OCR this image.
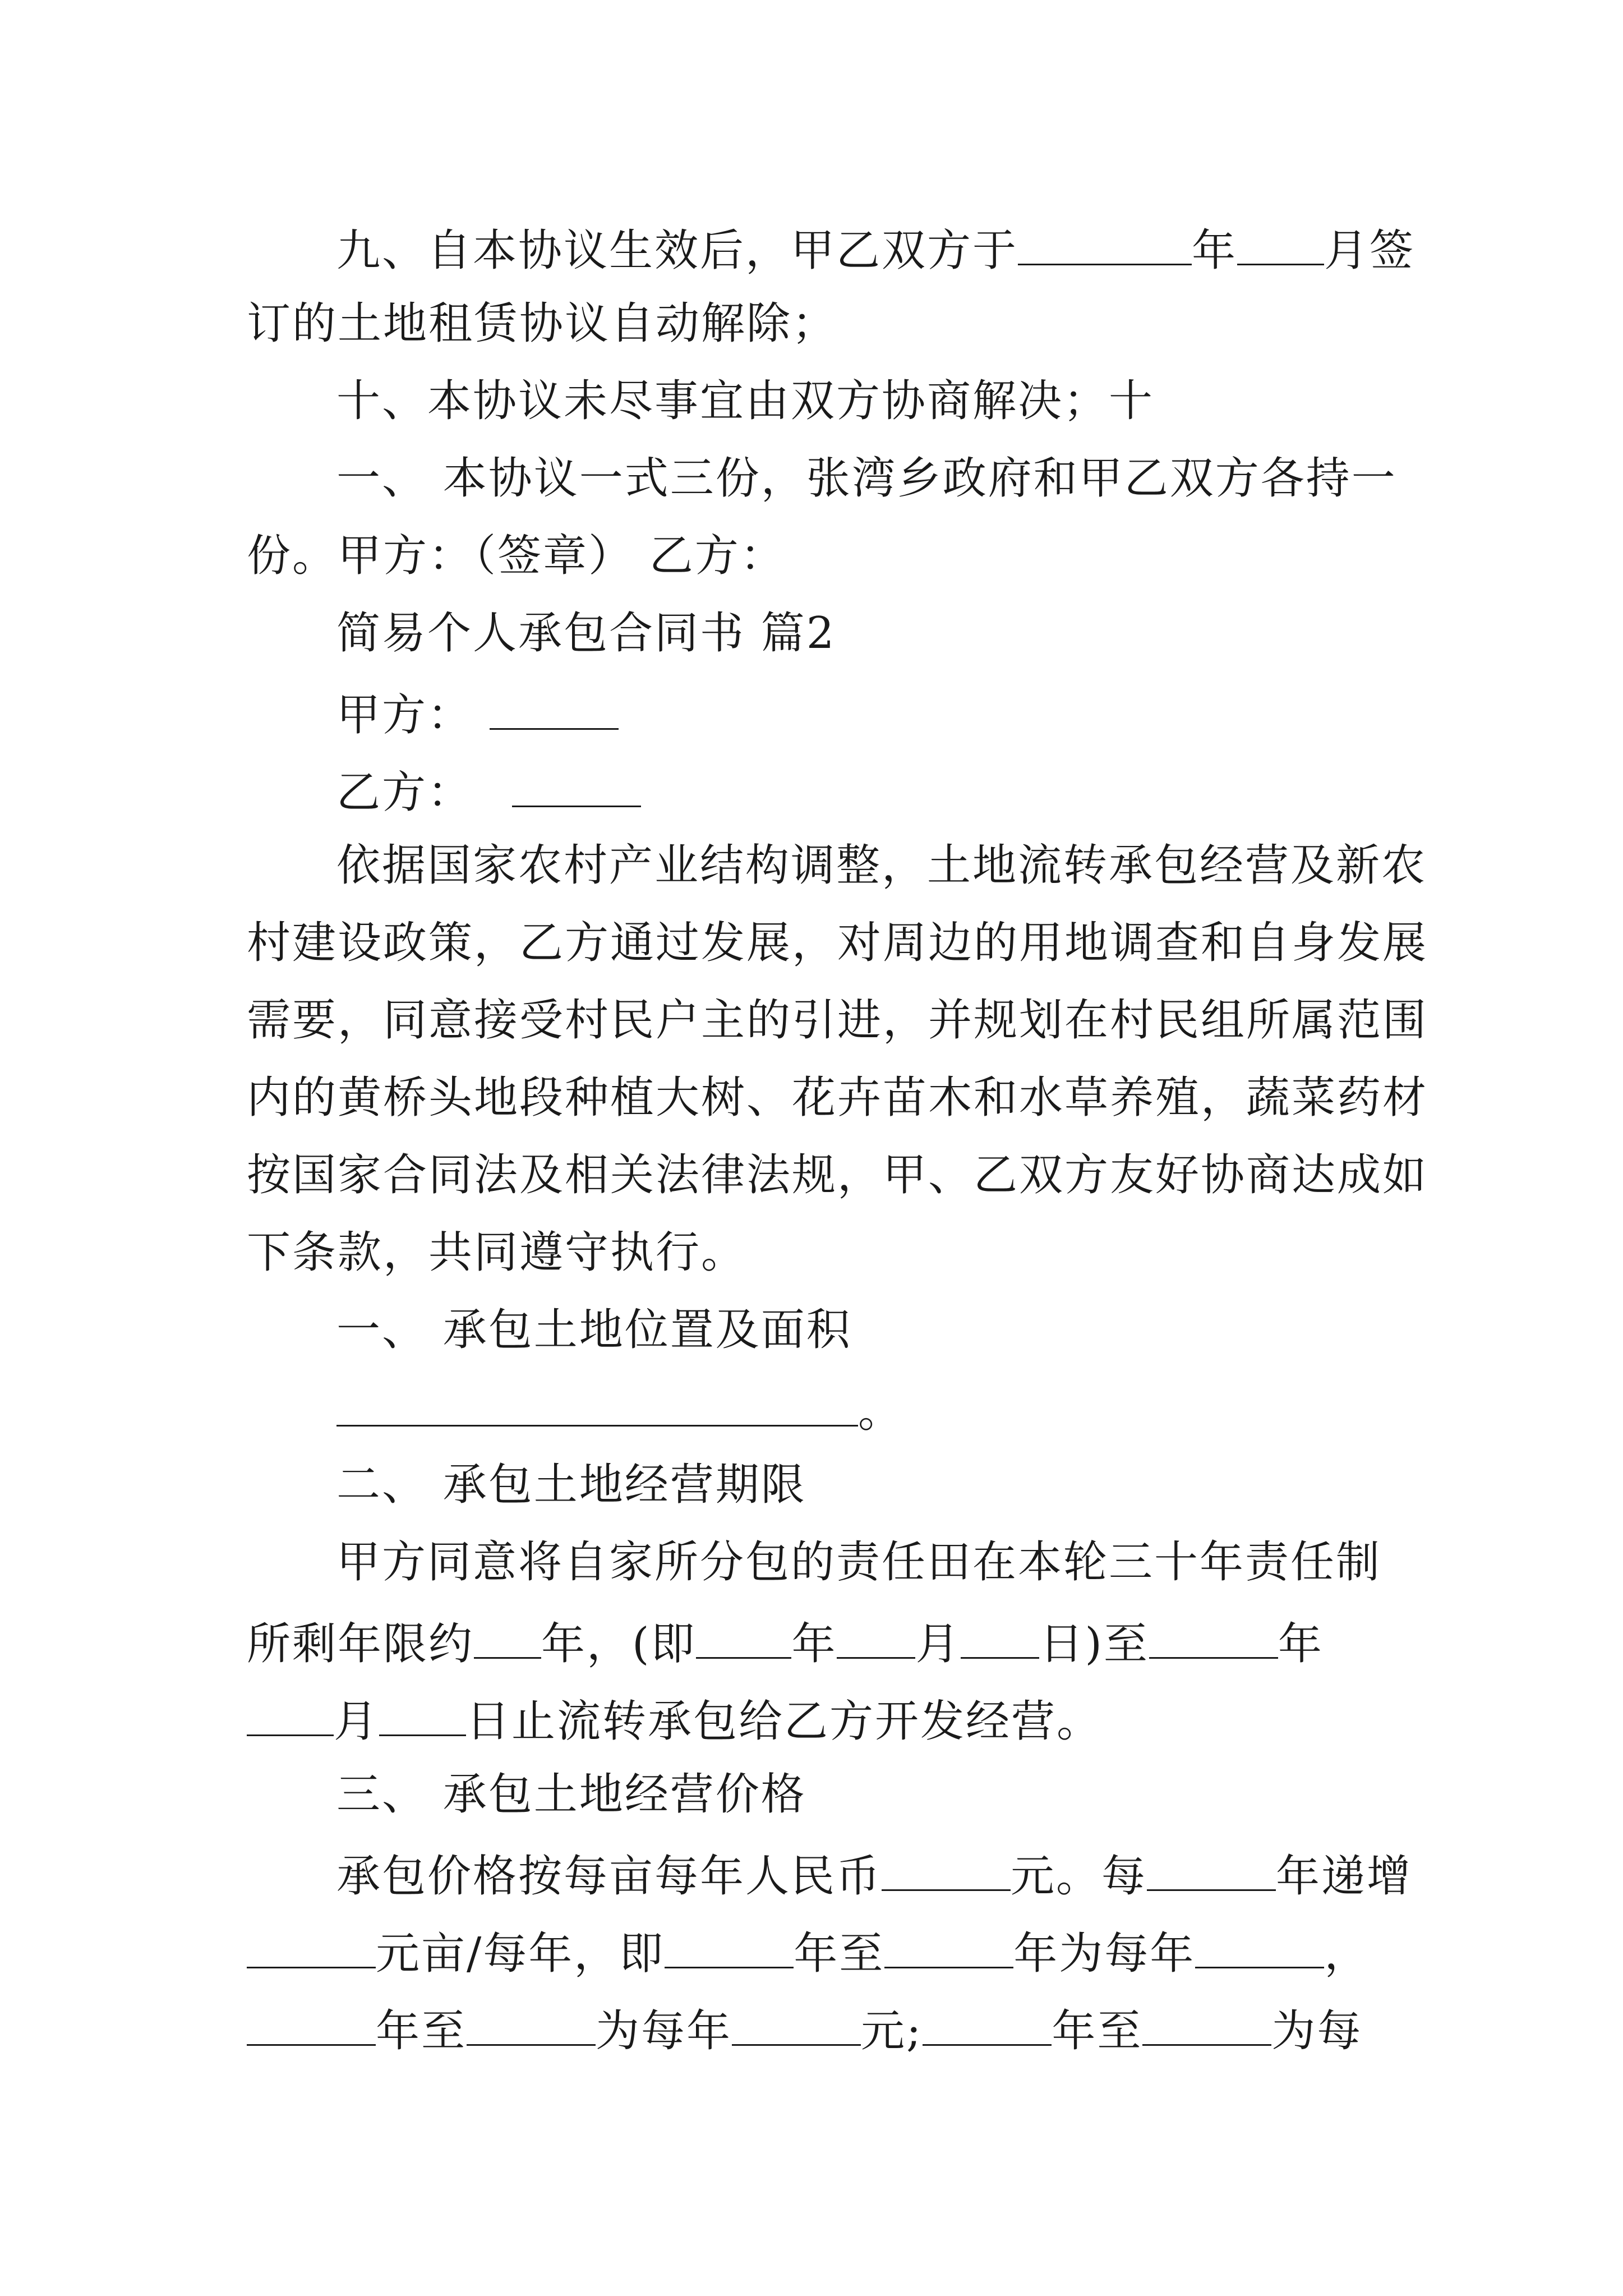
九、自本协议生效后，甲乙双方于	年 月签
订的土地租赁协议自动解除；
十、本协议未尽事宜由双方协商解决；十
一、 本协议一式三份，张湾乡政府和甲乙双方各持一
份。甲方：（签章） 乙方：
简易个人承包合同书 篇2
甲方：
乙方：
依据国家农村产业结构调整，土地流转承包经营及新农
村建设政策，乙方通过发展，对周边的用地调查和自身发展
需要，同意接受村民户主的引进，并规划在村民组所属范围
内的黄桥头地段种植大树、花卉苗木和水草养殖，蔬菜药材
按国家合同法及相关法律法规，甲、乙双方友好协商达成如
下条款，共同遵守执行。
一、 承包土地位置及面积
。
二、 承包土地经营期限
甲方同意将自家所分包的责任田在本轮三十年责任制
所剩年限约 年，(即 年 月 日)至	年
月 日止流转承包给乙方开发经营。
三、 承包土地经营价格
承包价格按每亩每年人民币	元。每	年递增
元亩/每年，即	年至	年为每年	，
年至	为每年	元;	年至	为每
